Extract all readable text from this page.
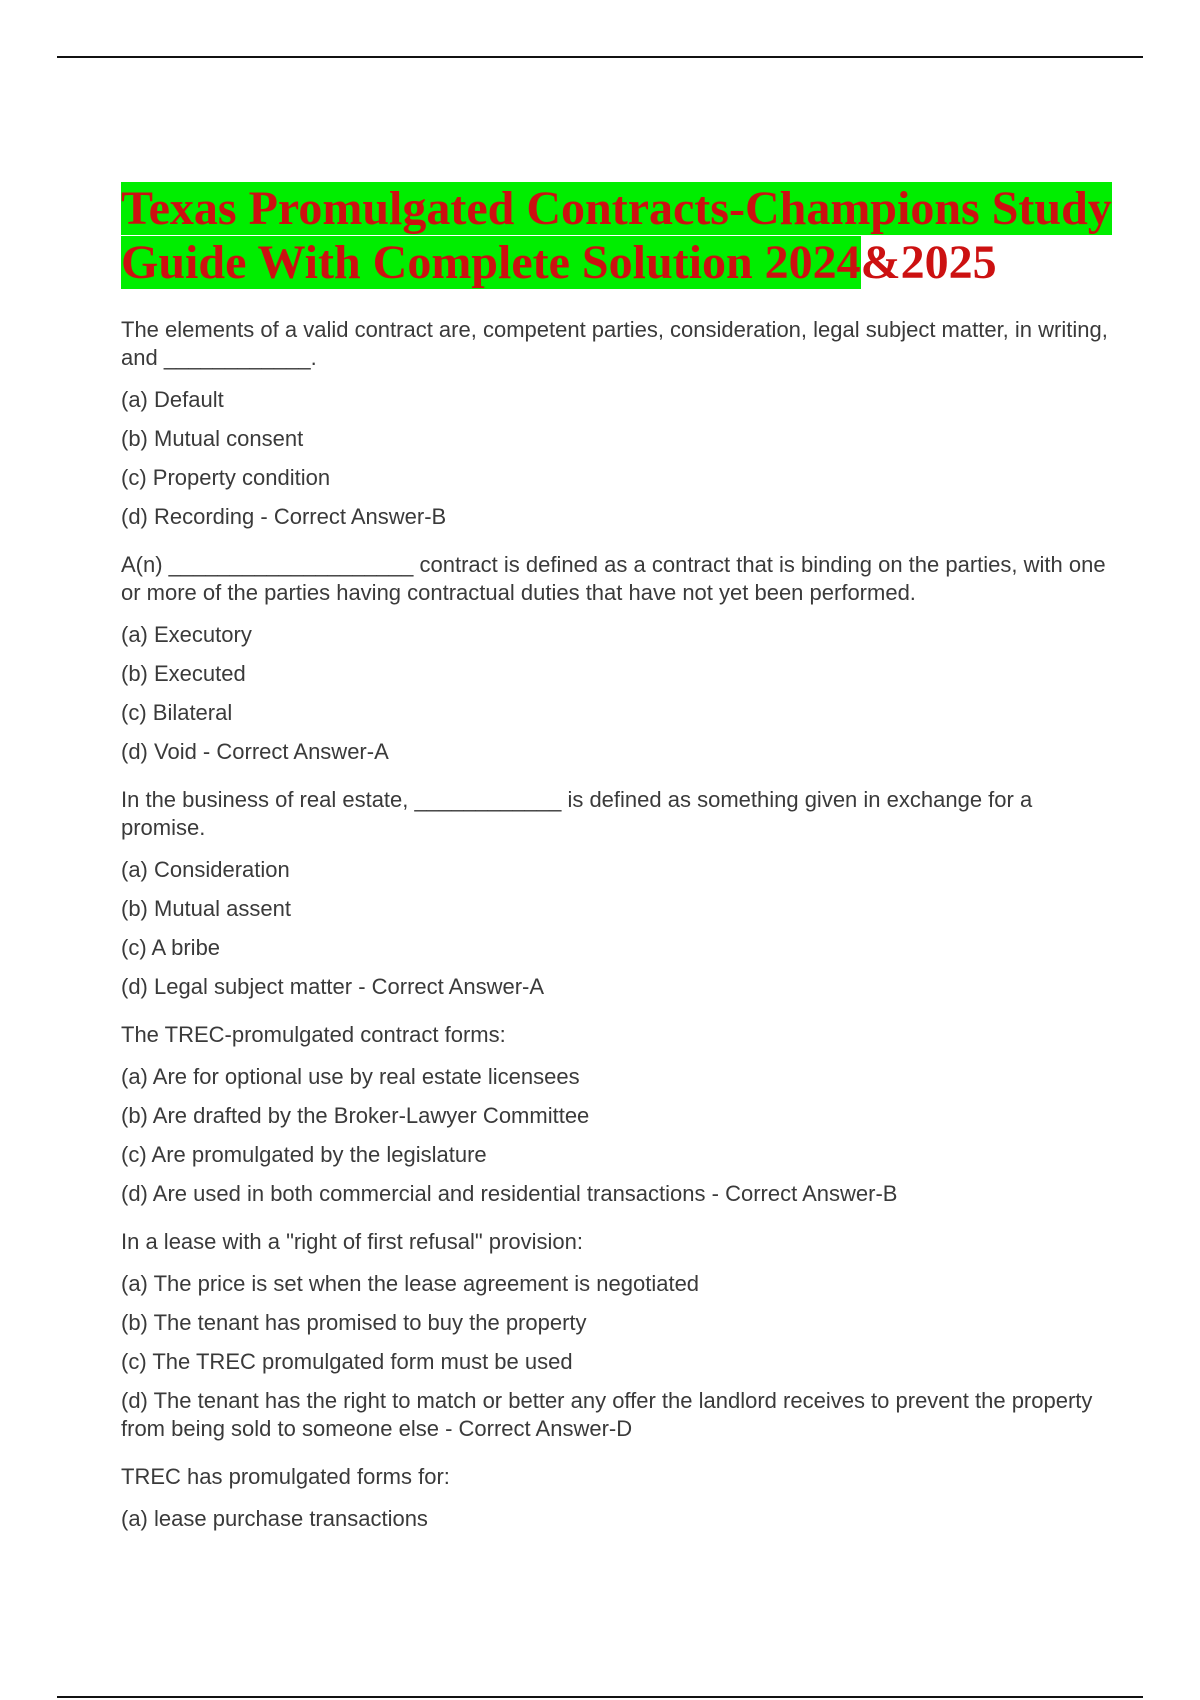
Texas Promulgated Contracts-Champions Study Guide With Complete Solution 2024&2025

The elements of a valid contract are, competent parties, consideration, legal subject matter, in writing, and ____________.

(a) Default

(b) Mutual consent

(c) Property condition

(d) Recording - Correct Answer-B

A(n) ____________________ contract is defined as a contract that is binding on the parties, with one or more of the parties having contractual duties that have not yet been performed.

(a) Executory

(b) Executed

(c) Bilateral

(d) Void - Correct Answer-A

In the business of real estate, ____________ is defined as something given in exchange for a promise.

(a) Consideration

(b) Mutual assent

(c) A bribe

(d) Legal subject matter - Correct Answer-A

The TREC-promulgated contract forms:

(a) Are for optional use by real estate licensees

(b) Are drafted by the Broker-Lawyer Committee

(c) Are promulgated by the legislature

(d) Are used in both commercial and residential transactions - Correct Answer-B

In a lease with a "right of first refusal" provision:

(a) The price is set when the lease agreement is negotiated

(b) The tenant has promised to buy the property

(c) The TREC promulgated form must be used

(d) The tenant has the right to match or better any offer the landlord receives to prevent the property from being sold to someone else - Correct Answer-D

TREC has promulgated forms for:

(a) lease purchase transactions
